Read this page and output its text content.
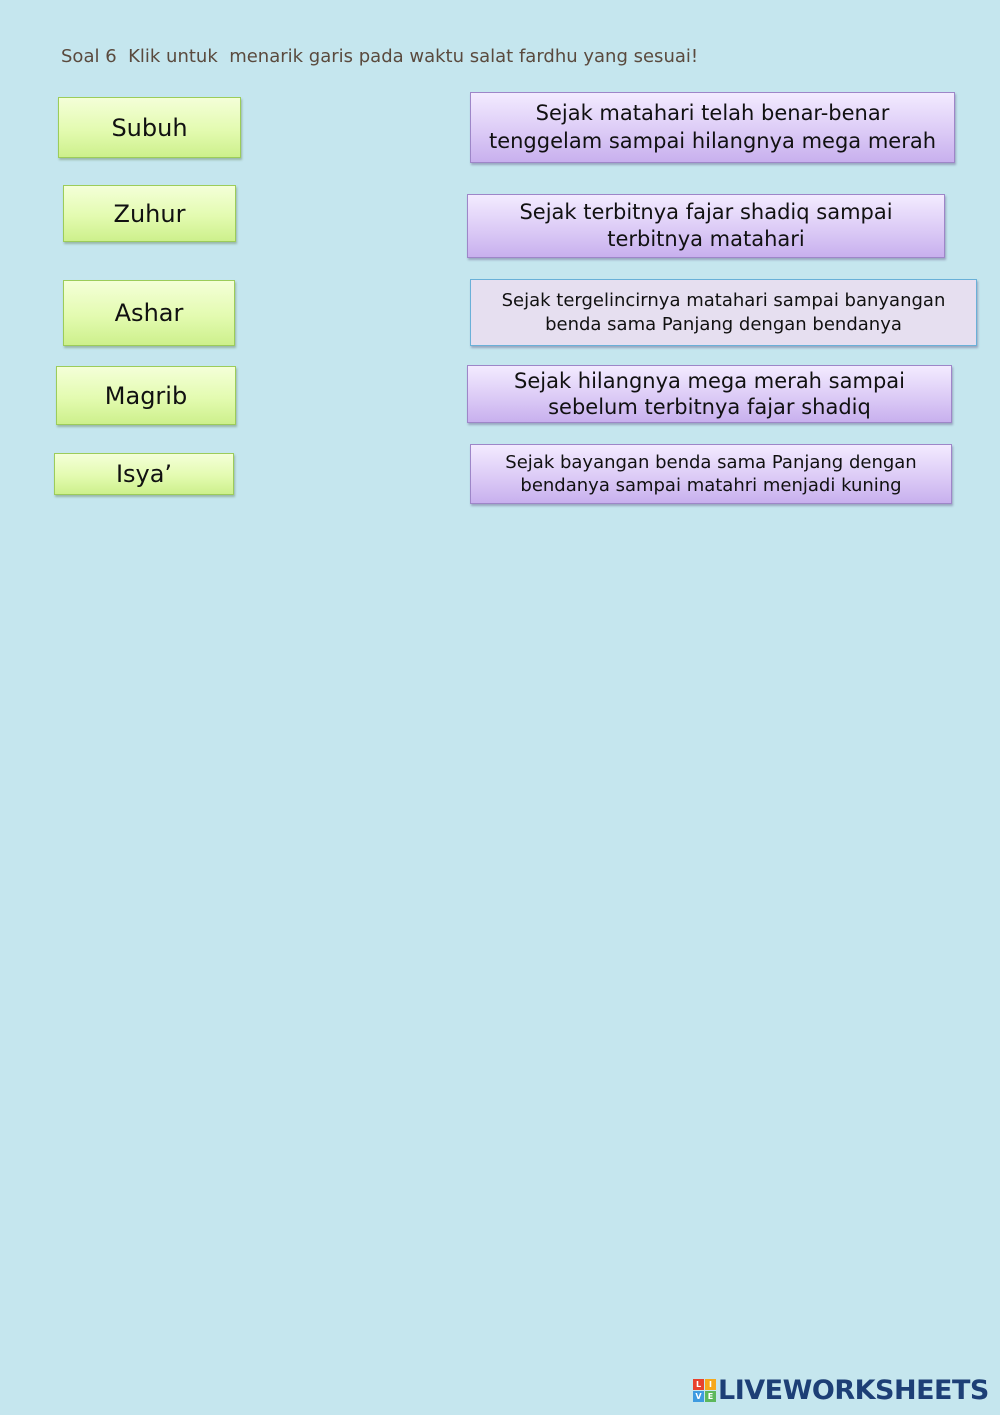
Soal 6  Klik untuk  menarik garis pada waktu salat fardhu yang sesuai!
Subuh
Zuhur
Ashar
Magrib
Isya’
Sejak matahari telah benar-benar
tenggelam sampai hilangnya mega merah
Sejak terbitnya fajar shadiq sampai
terbitnya matahari
Sejak tergelincirnya matahari sampai banyangan
benda sama Panjang dengan bendanya
Sejak hilangnya mega merah sampai
sebelum terbitnya fajar shadiq
Sejak bayangan benda sama Panjang dengan
bendanya sampai matahri menjadi kuning
L I
V E LIVEWORKSHEETS
